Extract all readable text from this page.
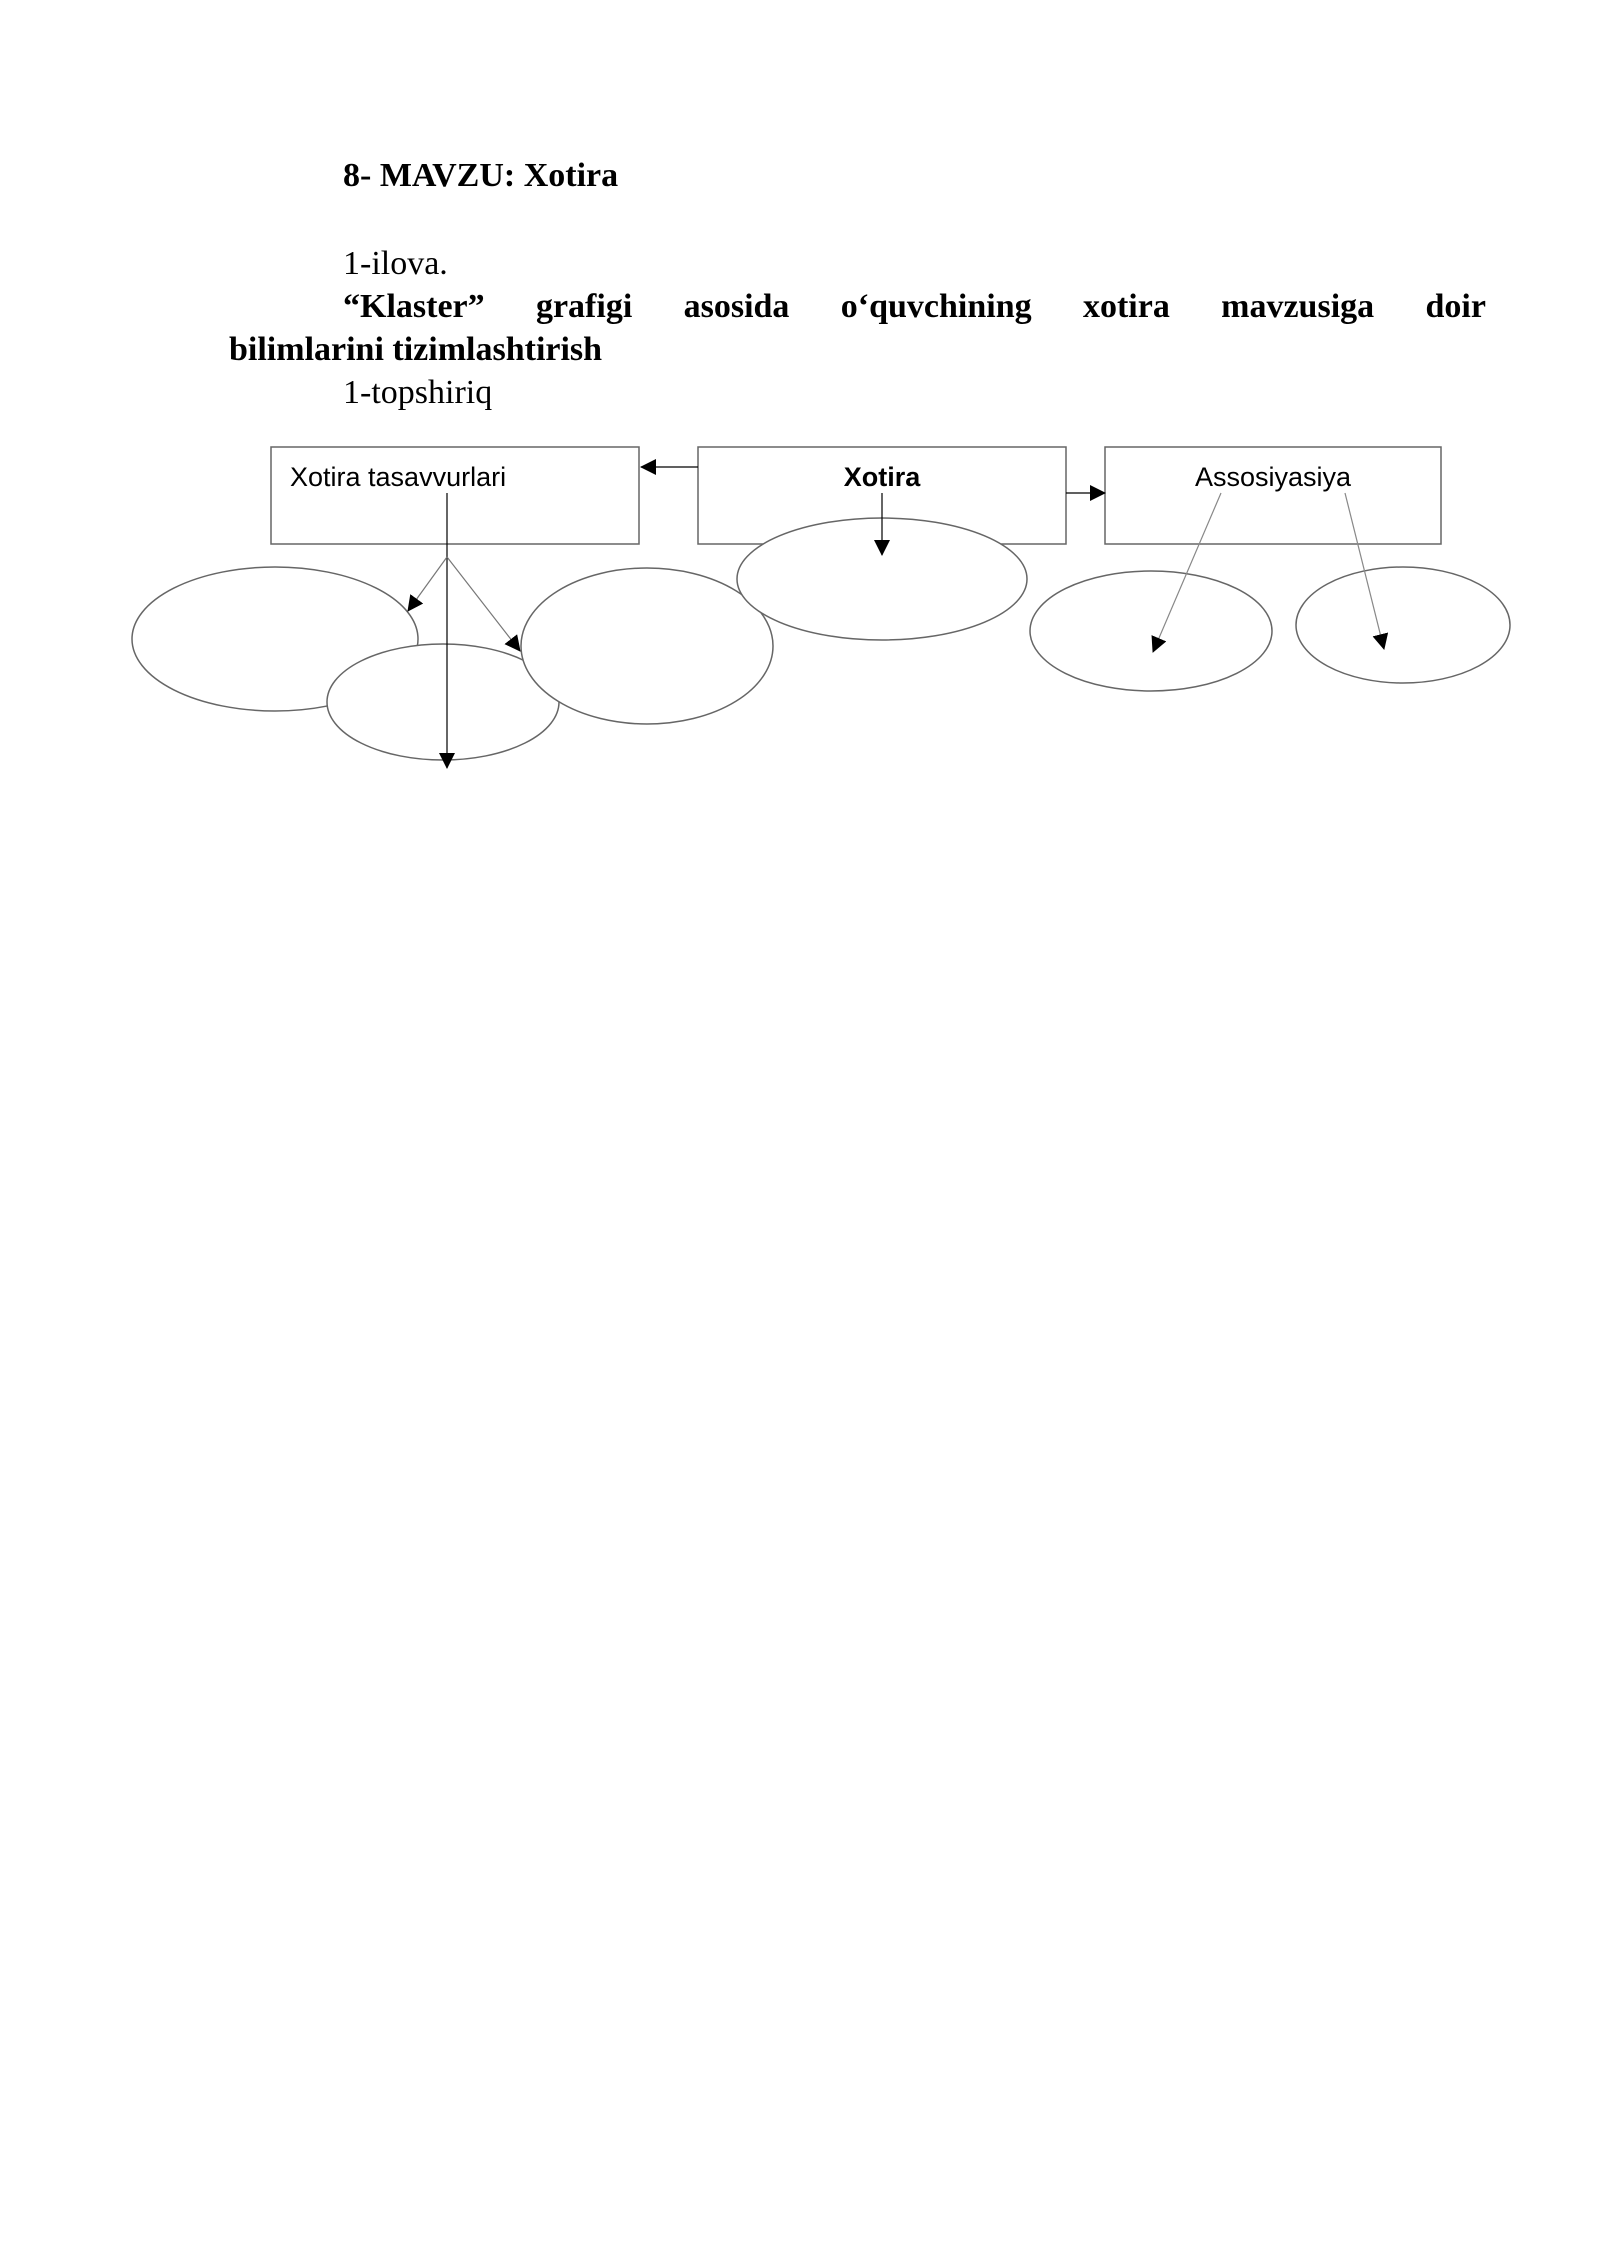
8- MAVZU: Xotira
1-ilova.
“Klaster” grafigi asosida o‘quvchining xotira mavzusiga doir
bilimlarini tizimlashtirish
1-topshiriq
Xotira tasavvurlari	Xotira	Assosiyasiya
